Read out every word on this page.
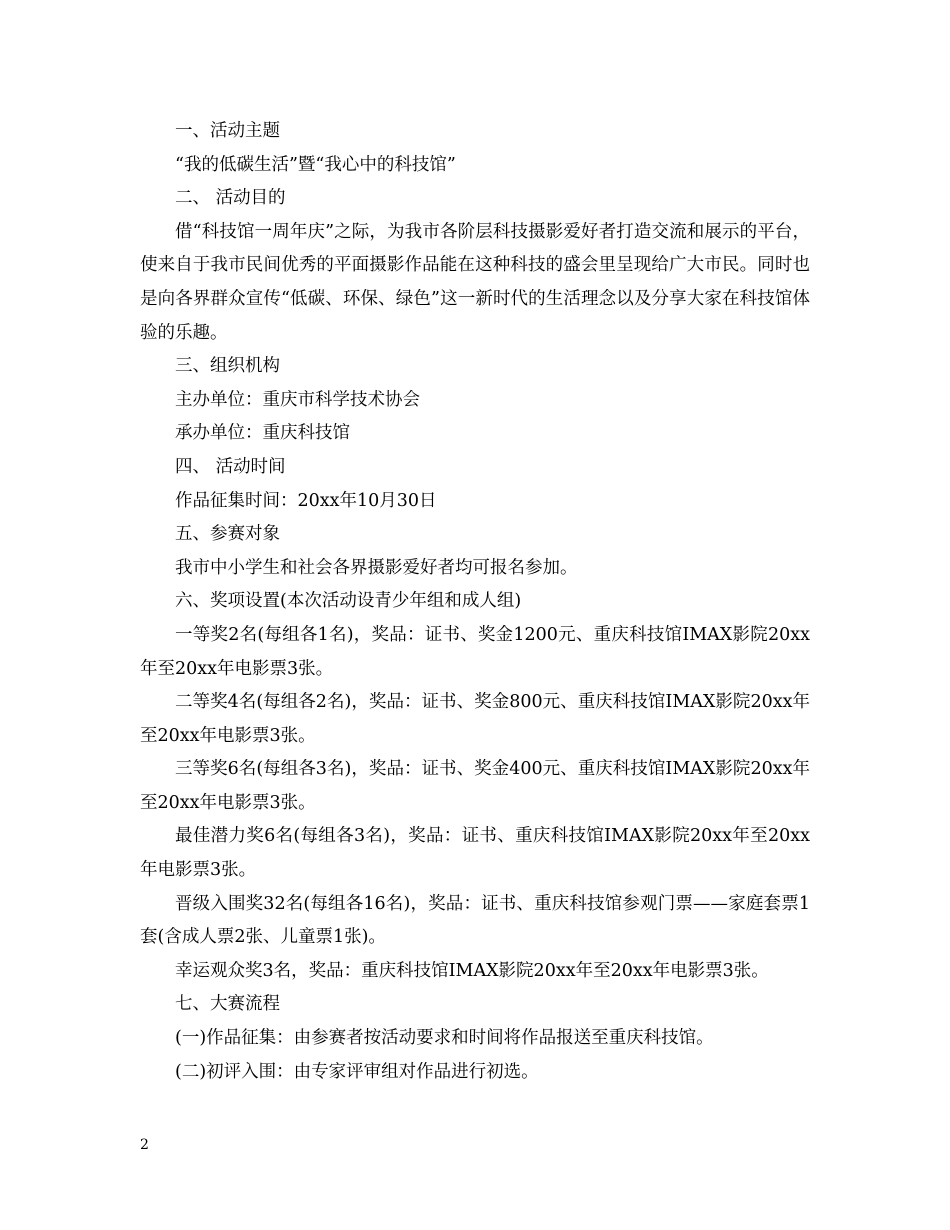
一、活动主题

“我的低碳生活”暨“我心中的科技馆”

二、 活动目的

借“科技馆一周年庆”之际，为我市各阶层科技摄影爱好者打造交流和展示的平台，使来自于我市民间优秀的平面摄影作品能在这种科技的盛会里呈现给广大市民。同时也是向各界群众宣传“低碳、环保、绿色”这一新时代的生活理念以及分享大家在科技馆体验的乐趣。

三、组织机构

主办单位：重庆市科学技术协会

承办单位：重庆科技馆

四、 活动时间

作品征集时间：20xx年10月30日

五、参赛对象

我市中小学生和社会各界摄影爱好者均可报名参加。

六、奖项设置(本次活动设青少年组和成人组)

一等奖2名(每组各1名)，奖品：证书、奖金1200元、重庆科技馆IMAX影院20xx年至20xx年电影票3张。

二等奖4名(每组各2名)，奖品：证书、奖金800元、重庆科技馆IMAX影院20xx年至20xx年电影票3张。

三等奖6名(每组各3名)，奖品：证书、奖金400元、重庆科技馆IMAX影院20xx年至20xx年电影票3张。

最佳潜力奖6名(每组各3名)，奖品：证书、重庆科技馆IMAX影院20xx年至20xx年电影票3张。

晋级入围奖32名(每组各16名)，奖品：证书、重庆科技馆参观门票——家庭套票1套(含成人票2张、儿童票1张)。

幸运观众奖3名，奖品：重庆科技馆IMAX影院20xx年至20xx年电影票3张。

七、大赛流程

(一)作品征集：由参赛者按活动要求和时间将作品报送至重庆科技馆。

(二)初评入围：由专家评审组对作品进行初选。

2
